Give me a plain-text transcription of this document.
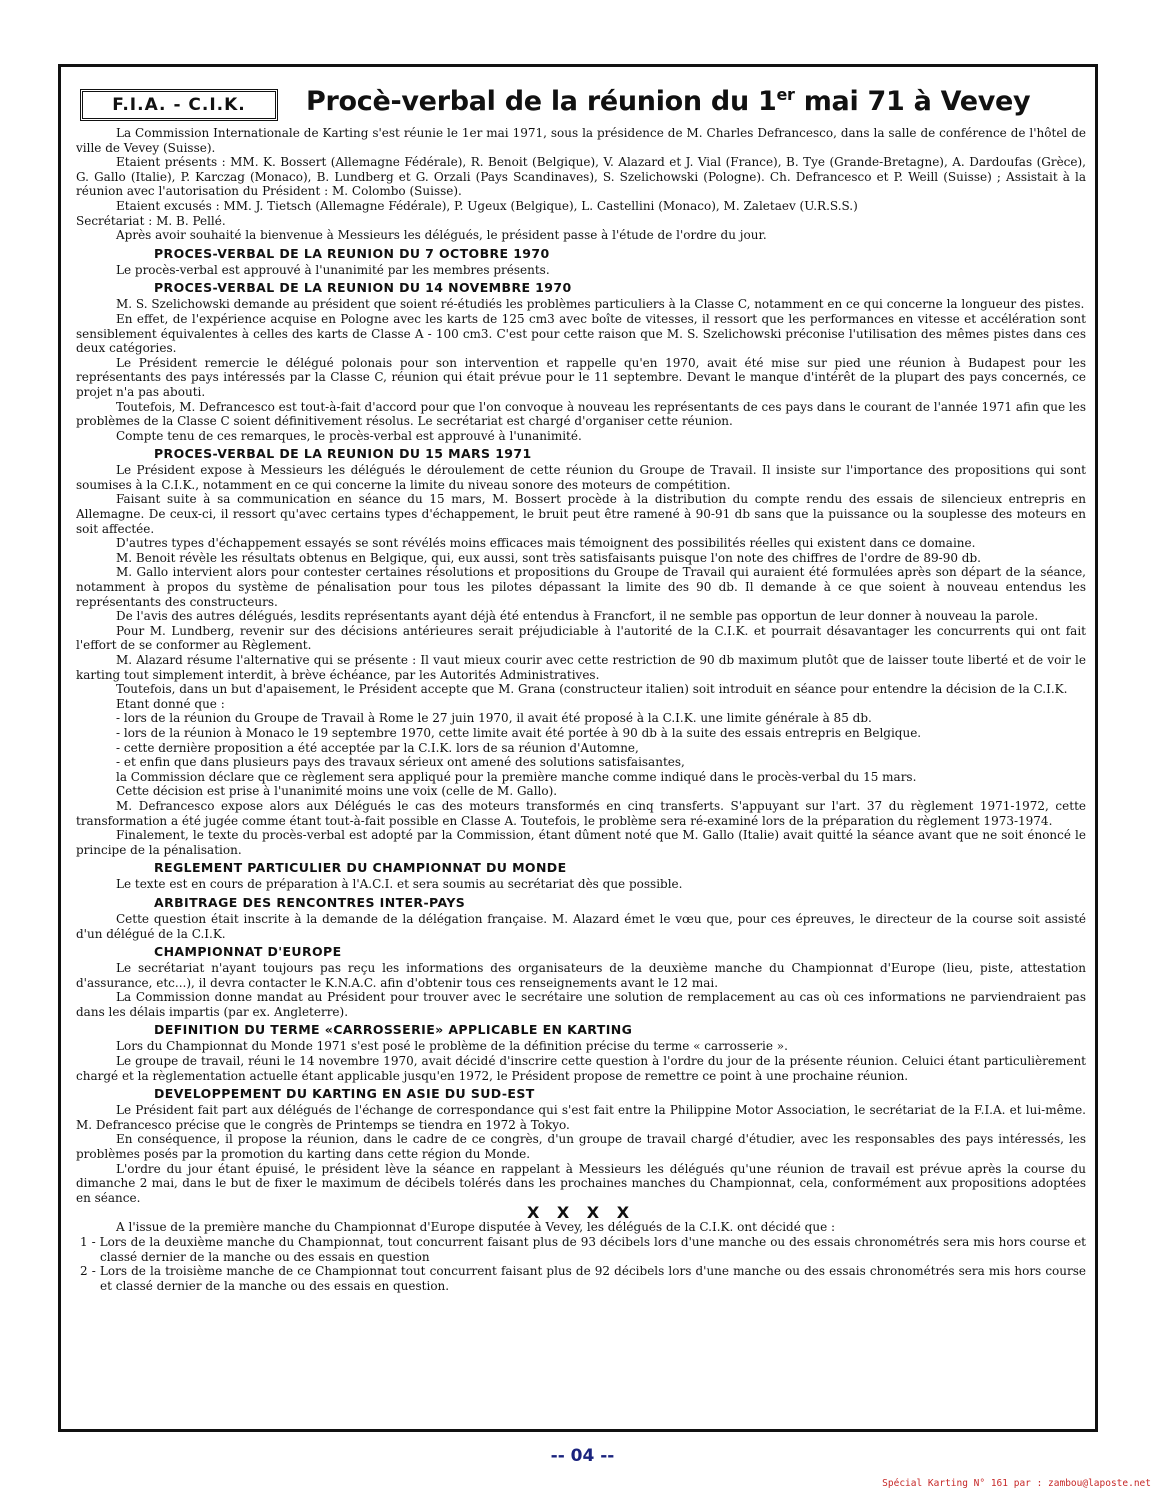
F.I.A. - C.I.K.	Procè-verbal de la réunion du 1er mai 71 à Vevey

La Commission Internationale de Karting s'est réunie le 1er mai 1971, sous la présidence de M. Charles Defrancesco, dans la salle de conférence de l'hôtel de ville de Vevey (Suisse).

Etaient présents : MM. K. Bossert (Allemagne Fédérale), R. Benoit (Belgique), V. Alazard et J. Vial (France), B. Tye (Grande-Bretagne), A. Dardoufas (Grèce), G. Gallo (Italie), P. Karczag (Monaco), B. Lundberg et G. Orzali (Pays Scandinaves), S. Szelichowski (Pologne). Ch. Defrancesco et P. Weill (Suisse) ; Assistait à la réunion avec l'autorisation du Président : M. Colombo (Suisse).

Etaient excusés : MM. J. Tietsch (Allemagne Fédérale), P. Ugeux (Belgique), L. Castellini (Monaco), M. Zaletaev (U.R.S.S.)

Secrétariat : M. B. Pellé.

Après avoir souhaité la bienvenue à Messieurs les délégués, le président passe à l'étude de l'ordre du jour.

PROCES-VERBAL DE LA REUNION DU 7 OCTOBRE 1970

Le procès-verbal est approuvé à l'unanimité par les membres présents.

PROCES-VERBAL DE LA REUNION DU 14 NOVEMBRE 1970

M. S. Szelichowski demande au président que soient ré-étudiés les problèmes particuliers à la Classe C, notamment en ce qui concerne la longueur des pistes.

En effet, de l'expérience acquise en Pologne avec les karts de 125 cm3 avec boîte de vitesses, il ressort que les performances en vitesse et accélération sont sensiblement équivalentes à celles des karts de Classe A - 100 cm3. C'est pour cette raison que M. S. Szelichowski préconise l'utilisation des mêmes pistes dans ces deux catégories.

Le Président remercie le délégué polonais pour son intervention et rappelle qu'en 1970, avait été mise sur pied une réunion à Budapest pour les représentants des pays intéressés par la Classe C, réunion qui était prévue pour le 11 septembre. Devant le manque d'intérêt de la plupart des pays concernés, ce projet n'a pas abouti.

Toutefois, M. Defrancesco est tout-à-fait d'accord pour que l'on convoque à nouveau les représentants de ces pays dans le courant de l'année 1971 afin que les problèmes de la Classe C soient définitivement résolus. Le secrétariat est chargé d'organiser cette réunion.

Compte tenu de ces remarques, le procès-verbal est approuvé à l'unanimité.

PROCES-VERBAL DE LA REUNION DU 15 MARS 1971

Le Président expose à Messieurs les délégués le déroulement de cette réunion du Groupe de Travail. Il insiste sur l'importance des propositions qui sont soumises à la C.I.K., notamment en ce qui concerne la limite du niveau sonore des moteurs de compétition.

Faisant suite à sa communication en séance du 15 mars, M. Bossert procède à la distribution du compte rendu des essais de silencieux entrepris en Allemagne. De ceux-ci, il ressort qu'avec certains types d'échappement, le bruit peut être ramené à 90-91 db sans que la puissance ou la souplesse des moteurs en soit affectée.

D'autres types d'échappement essayés se sont révélés moins efficaces mais témoignent des possibilités réelles qui existent dans ce domaine.

M. Benoit révèle les résultats obtenus en Belgique, qui, eux aussi, sont très satisfaisants puisque l'on note des chiffres de l'ordre de 89-90 db.

M. Gallo intervient alors pour contester certaines résolutions et propositions du Groupe de Travail qui auraient été formulées après son départ de la séance, notamment à propos du système de pénalisation pour tous les pilotes dépassant la limite des 90 db. Il demande à ce que soient à nouveau entendus les représentants des constructeurs.

De l'avis des autres délégués, lesdits représentants ayant déjà été entendus à Francfort, il ne semble pas opportun de leur donner à nouveau la parole.

Pour M. Lundberg, revenir sur des décisions antérieures serait préjudiciable à l'autorité de la C.I.K. et pourrait désavantager les concurrents qui ont fait l'effort de se conformer au Règlement.

M. Alazard résume l'alternative qui se présente : Il vaut mieux courir avec cette restriction de 90 db maximum plutôt que de laisser toute liberté et de voir le karting tout simplement interdit, à brève échéance, par les Autorités Administratives.

Toutefois, dans un but d'apaisement, le Président accepte que M. Grana (constructeur italien) soit introduit en séance pour entendre la décision de la C.I.K.

Etant donné que :

- lors de la réunion du Groupe de Travail à Rome le 27 juin 1970, il avait été proposé à la C.I.K. une limite générale à 85 db.

- lors de la réunion à Monaco le 19 septembre 1970, cette limite avait été portée à 90 db à la suite des essais entrepris en Belgique.

- cette dernière proposition a été acceptée par la C.I.K. lors de sa réunion d'Automne,

- et enfin que dans plusieurs pays des travaux sérieux ont amené des solutions satisfaisantes,

la Commission déclare que ce règlement sera appliqué pour la première manche comme indiqué dans le procès-verbal du 15 mars.

Cette décision est prise à l'unanimité moins une voix (celle de M. Gallo).

M. Defrancesco expose alors aux Délégués le cas des moteurs transformés en cinq transferts. S'appuyant sur l'art. 37 du règlement 1971-1972, cette transformation a été jugée comme étant tout-à-fait possible en Classe A. Toutefois, le problème sera ré-examiné lors de la préparation du règlement 1973-1974.

Finalement, le texte du procès-verbal est adopté par la Commission, étant dûment noté que M. Gallo (Italie) avait quitté la séance avant que ne soit énoncé le principe de la pénalisation.

REGLEMENT PARTICULIER DU CHAMPIONNAT DU MONDE

Le texte est en cours de préparation à l'A.C.I. et sera soumis au secrétariat dès que possible.

ARBITRAGE DES RENCONTRES INTER-PAYS

Cette question était inscrite à la demande de la délégation française. M. Alazard émet le vœu que, pour ces épreuves, le directeur de la course soit assisté d'un délégué de la C.I.K.

CHAMPIONNAT D'EUROPE

Le secrétariat n'ayant toujours pas reçu les informations des organisateurs de la deuxième manche du Championnat d'Europe (lieu, piste, attestation d'assurance, etc...), il devra contacter le K.N.A.C. afin d'obtenir tous ces renseignements avant le 12 mai.

La Commission donne mandat au Président pour trouver avec le secrétaire une solution de remplacement au cas où ces informations ne parviendraient pas dans les délais impartis (par ex. Angleterre).

DEFINITION DU TERME «CARROSSERIE» APPLICABLE EN KARTING

Lors du Championnat du Monde 1971 s'est posé le problème de la définition précise du terme « carrosserie ».

Le groupe de travail, réuni le 14 novembre 1970, avait décidé d'inscrire cette question à l'ordre du jour de la présente réunion. Celuici étant particulièrement chargé et la règlementation actuelle étant applicable jusqu'en 1972, le Président propose de remettre ce point à une prochaine réunion.

DEVELOPPEMENT DU KARTING EN ASIE DU SUD-EST

Le Président fait part aux délégués de l'échange de correspondance qui s'est fait entre la Philippine Motor Association, le secrétariat de la F.I.A. et lui-même. M. Defrancesco précise que le congrès de Printemps se tiendra en 1972 à Tokyo.

En conséquence, il propose la réunion, dans le cadre de ce congrès, d'un groupe de travail chargé d'étudier, avec les responsables des pays intéressés, les problèmes posés par la promotion du karting dans cette région du Monde.

L'ordre du jour étant épuisé, le président lève la séance en rappelant à Messieurs les délégués qu'une réunion de travail est prévue après la course du dimanche 2 mai, dans le but de fixer le maximum de décibels tolérés dans les prochaines manches du Championnat, cela, conformément aux propositions adoptées en séance.

X X X X

A l'issue de la première manche du Championnat d'Europe disputée à Vevey, les délégués de la C.I.K. ont décidé que :

1 - Lors de la deuxième manche du Championnat, tout concurrent faisant plus de 93 décibels lors d'une manche ou des essais chronométrés sera mis hors course et classé dernier de la manche ou des essais en question

2 - Lors de la troisième manche de ce Championnat tout concurrent faisant plus de 92 décibels lors d'une manche ou des essais chronométrés sera mis hors course et classé dernier de la manche ou des essais en question.

-- 04 --
Spécial Karting N° 161 par : zambou@laposte.net
